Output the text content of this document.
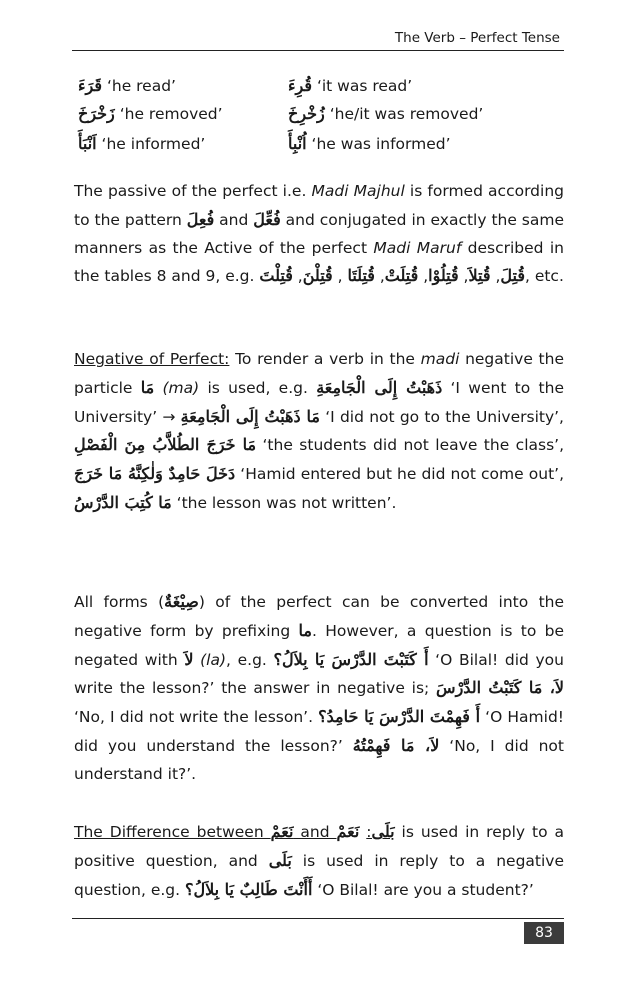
The Verb – Perfect Tense
قَرَءَ ‘he read’	قُرِءَ ‘it was read’
زَخْرَخَ ‘he removed’	زُخْرِخَ ‘he/it was removed’
اَنْبَأَ ‘he informed’	اُنْبِأَ ‘he was informed’
The passive of the perfect i.e. Madi Majhul is formed according to the pattern فُعِلَ and فُعِّلَ and conjugated in exactly the same manners as the Active of the perfect Madi Maruf described in the tables 8 and 9, e.g.	قُتِلَ, قُتِلاَ, قُتِلُوْا, قُتِلَتْ, قُتِلَتَا , قُتِلْنَ, قُتِلْتَ	, etc.
Negative of Perfect: To render a verb in the madi negative the particle مَا (ma) is used, e.g. ذَهَبْتُ إِلَى الْجَامِعَةِ ‘I went to the University’ → مَا ذَهَبْتُ إِلَى الْجَامِعَةِ ‘I did not go to the University’, مَا خَرَجَ الطُلاَّبُ مِنَ الْفَصْلِ ‘the students did not leave the class’, دَخَلَ حَامِدٌ وَلٰكِنَّهُ مَا خَرَجَ ‘Hamid entered but he did not come out’, مَا كُتِبَ الدَّرْسُ ‘the lesson was not written’.
All forms (صِيْغَةٌ) of the perfect can be converted into the negative form by prefixing ما. However, a question is to be negated with لاَ (la), e.g. أَ كَتَبْتَ الدَّرْسَ يَا بِلاَلُ؟ ‘O Bilal! did you write the lesson?’ the answer in negative is; لاَ، مَا كَتَبْتُ الدَّرْسَ ‘No, I did not write the lesson’. أَ فَهِمْتَ الدَّرْسَ يَا حَامِدُ؟ ‘O Hamid! did you understand the lesson?’ لاَ، مَا فَهِمْتُهُ ‘No, I did not understand it?’.
The Difference between نَعَمْ and بَلَى: نَعَمْ is used in reply to a positive question, and بَلَى is used in reply to a negative question, e.g. أَأَنْتَ طَالِبٌ يَا بِلاَلُ؟ ‘O Bilal! are you a student?’
83
